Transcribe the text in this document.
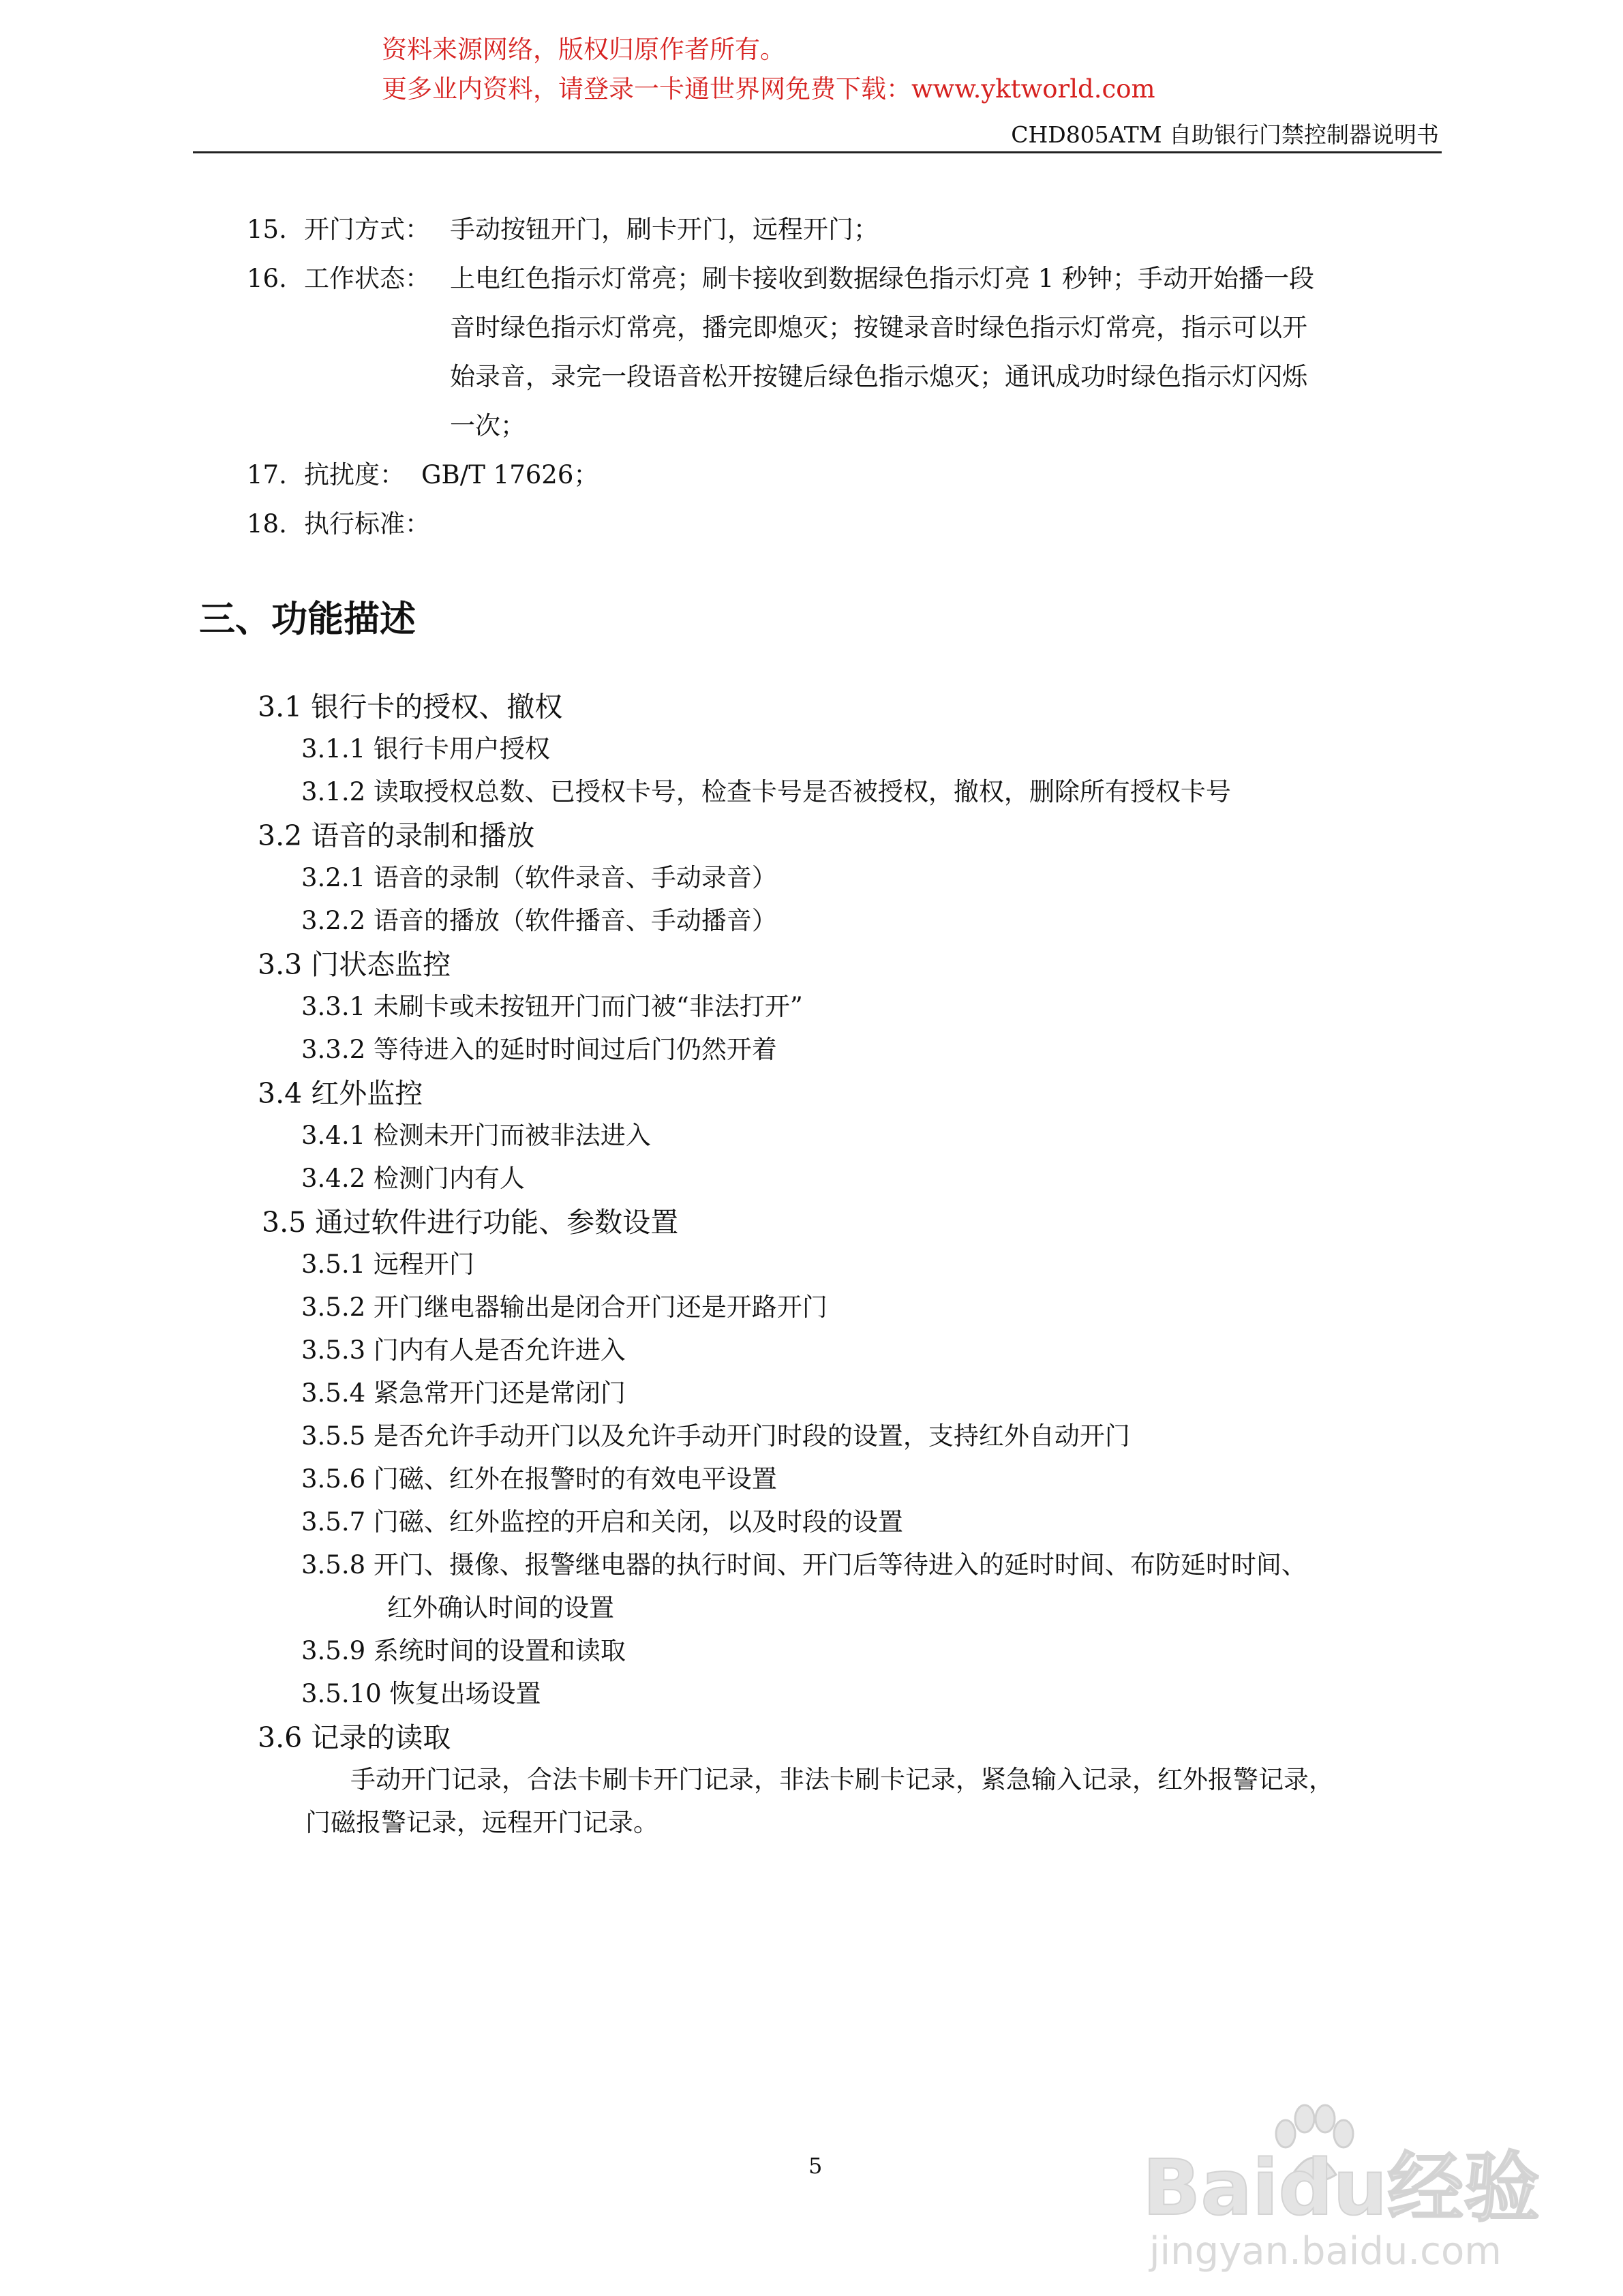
资料来源网络，版权归原作者所有。
更多业内资料，请登录一卡通世界网免费下载：www.yktworld.com
CHD805ATM 自助银行门禁控制器说明书
15. 开门方式： 手动按钮开门，刷卡开门，远程开门；
16. 工作状态： 上电红色指示灯常亮；刷卡接收到数据绿色指示灯亮 1 秒钟；手动开始播一段
音时绿色指示灯常亮，播完即熄灭；按键录音时绿色指示灯常亮，指示可以开
始录音，录完一段语音松开按键后绿色指示熄灭；通讯成功时绿色指示灯闪烁
一次；
17. 抗扰度： GB/T 17626；
18. 执行标准：
三、功能描述
3.1 银行卡的授权、撤权
3.1.1 银行卡用户授权
3.1.2 读取授权总数、已授权卡号，检查卡号是否被授权，撤权，删除所有授权卡号
3.2 语音的录制和播放
3.2.1 语音的录制（软件录音、手动录音）
3.2.2 语音的播放（软件播音、手动播音）
3.3 门状态监控
3.3.1 未刷卡或未按钮开门而门被“非法打开”
3.3.2 等待进入的延时时间过后门仍然开着
3.4 红外监控
3.4.1 检测未开门而被非法进入
3.4.2 检测门内有人
3.5 通过软件进行功能、参数设置
3.5.1 远程开门
3.5.2 开门继电器输出是闭合开门还是开路开门
3.5.3 门内有人是否允许进入
3.5.4 紧急常开门还是常闭门
3.5.5 是否允许手动开门以及允许手动开门时段的设置，支持红外自动开门
3.5.6 门磁、红外在报警时的有效电平设置
3.5.7 门磁、红外监控的开启和关闭，以及时段的设置
3.5.8 开门、摄像、报警继电器的执行时间、开门后等待进入的延时时间、布防延时时间、
红外确认时间的设置
3.5.9 系统时间的设置和读取
3.5.10 恢复出场设置
3.6 记录的读取
手动开门记录，合法卡刷卡开门记录，非法卡刷卡记录，紧急输入记录，红外报警记录，
门磁报警记录，远程开门记录。
5	Baidu经验
jingyan.baidu.com
